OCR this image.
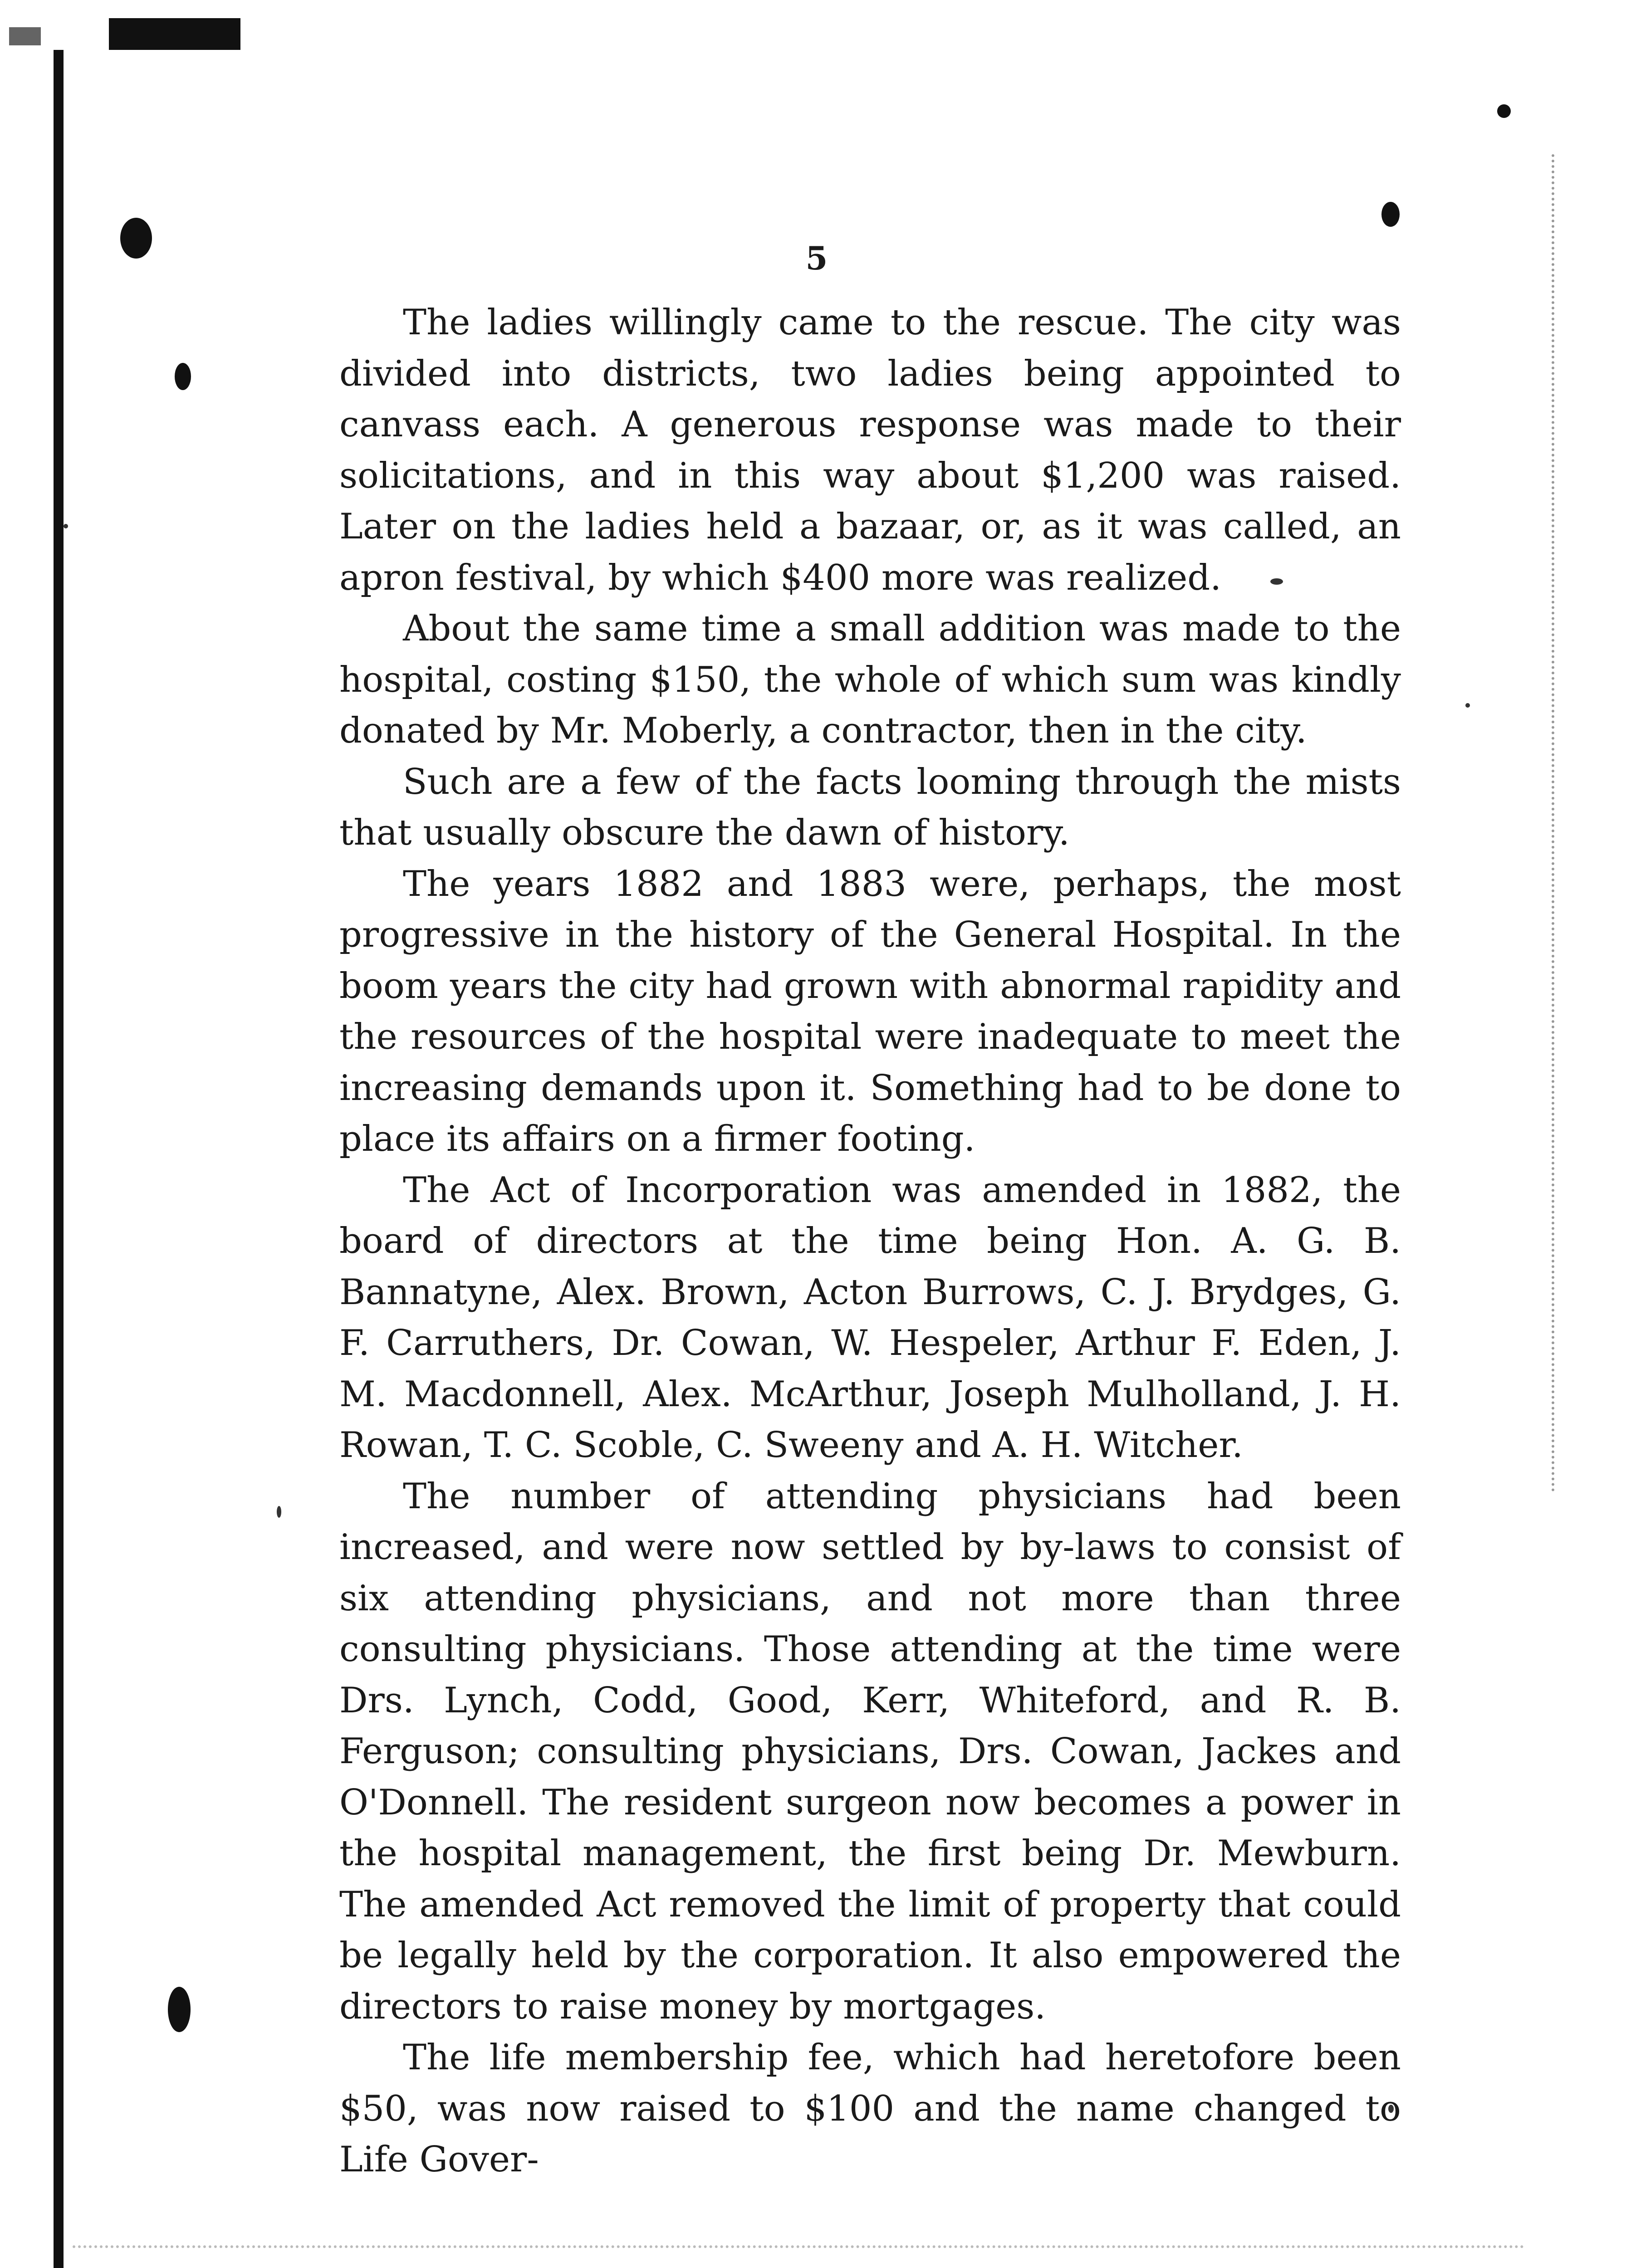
5

The ladies willingly came to the rescue. The city was divided into districts, two ladies being appointed to canvass each. A generous response was made to their solicitations, and in this way about $1,200 was raised. Later on the ladies held a bazaar, or, as it was called, an apron festival, by which $400 more was realized.

About the same time a small addition was made to the hospital, costing $150, the whole of which sum was kindly donated by Mr. Moberly, a contractor, then in the city.

Such are a few of the facts looming through the mists that usually obscure the dawn of history.

The years 1882 and 1883 were, perhaps, the most progressive in the history of the General Hospital. In the boom years the city had grown with abnormal rapidity and the resources of the hospital were inadequate to meet the increasing demands upon it. Something had to be done to place its affairs on a firmer footing.

The Act of Incorporation was amended in 1882, the board of directors at the time being Hon. A. G. B. Bannatyne, Alex. Brown, Acton Burrows, C. J. Brydges, G. F. Carruthers, Dr. Cowan, W. Hespeler, Arthur F. Eden, J. M. Macdonnell, Alex. McArthur, Joseph Mulholland, J. H. Rowan, T. C. Scoble, C. Sweeny and A. H. Witcher.

The number of attending physicians had been increased, and were now settled by by-laws to consist of six attending physicians, and not more than three consulting physicians. Those attending at the time were Drs. Lynch, Codd, Good, Kerr, Whiteford, and R. B. Ferguson; consulting physicians, Drs. Cowan, Jackes and O'Donnell. The resident surgeon now becomes a power in the hospital management, the first being Dr. Mewburn. The amended Act removed the limit of property that could be legally held by the corporation. It also empowered the directors to raise money by mortgages.

The life membership fee, which had heretofore been $50, was now raised to $100 and the name changed to Life Gover-
